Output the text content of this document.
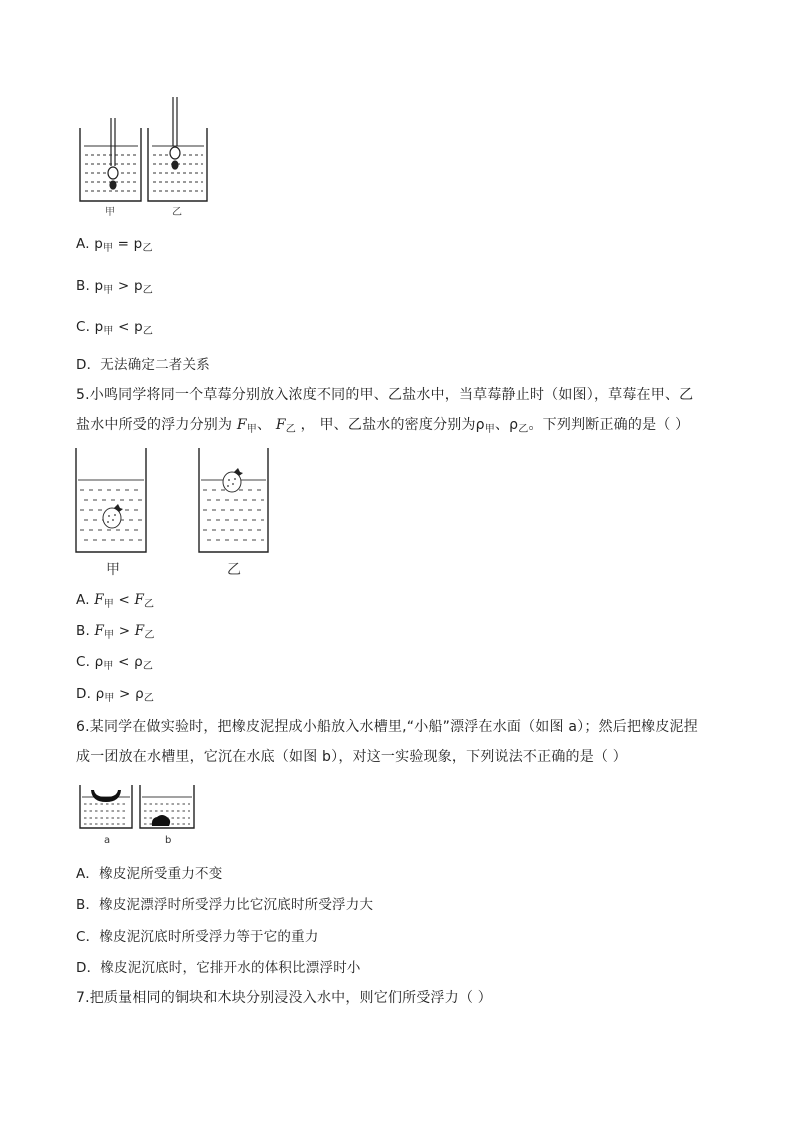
甲	乙
A. $p_甲 = p_乙$
B. $p_甲 > p_乙$
C. $p_甲 < p_乙$
D．无法确定二者关系
5.小鸣同学将同一个草莓分别放入浓度不同的甲、乙盐水中，当草莓静止时（如图），草莓在甲、乙
盐水中所受的浮力分别为 $F_甲$、 $F_乙$ ， 甲、乙盐水的密度分别为$\rho_甲$、$\rho_乙$。下列判断正确的是（ ）
甲	乙
A. $F_甲 < F_乙$
B. $F_甲 > F_乙$
C. $\rho_甲 < \rho_乙$
D. $\rho_甲 > \rho_乙$
6.某同学在做实验时，把橡皮泥捏成小船放入水槽里,“小船”漂浮在水面（如图 a）；然后把橡皮泥捏
成一团放在水槽里，它沉在水底（如图 b），对这一实验现象，下列说法不正确的是（ ）
a	b
A．橡皮泥所受重力不变
B．橡皮泥漂浮时所受浮力比它沉底时所受浮力大
C．橡皮泥沉底时所受浮力等于它的重力
D．橡皮泥沉底时，它排开水的体积比漂浮时小
7.把质量相同的铜块和木块分别浸没入水中，则它们所受浮力（ ）
